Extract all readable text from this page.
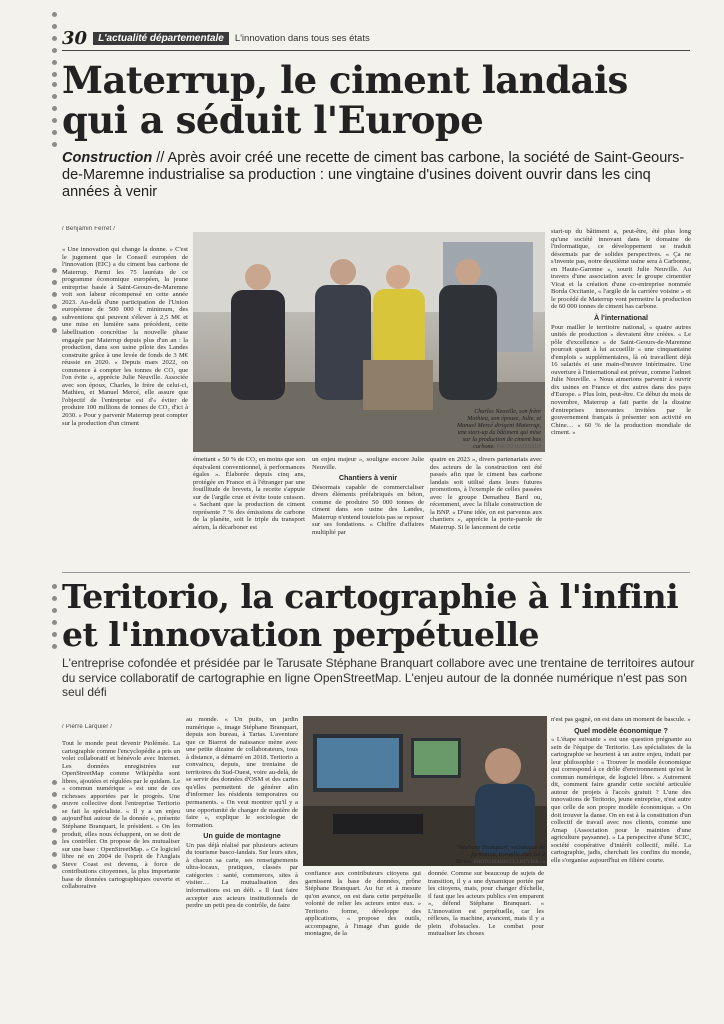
30	L'actualité départementale	L'innovation dans tous ses états
Materrup, le ciment landais qui a séduit l'Europe
Construction // Après avoir créé une recette de ciment bas carbone, la société de Saint-Geours-de-Maremne industrialise sa production : une vingtaine d'usines doivent ouvrir dans les cinq années à venir
/ Benjamin Ferret /
« Une innovation qui change la donne. » C'est le jugement que le Conseil européen de l'innovation (EIC) a du ciment bas carbone de Materrup. Parmi les 75 lauréats de ce programme économique européen, la jeune entreprise basée à Saint-Geours-de-Maremne voit son labeur récompensé en cette année 2023. Au-delà d'une participation de l'Union européenne de 500 000 € minimum, des subventions qui peuvent s'élever à 2,5 M€ et une mise en lumière sans précédent, cette labellisation concrétise la nouvelle phase engagée par Materrup depuis plus d'un an : la production, dans son usine pilote des Landes construite grâce à une levée de fonds de 3 M€ réussie en 2020. « Depuis mars 2022, on commence à compter les tonnes de CO₂ que l'on évite », apprécie Julie Neuville. Associée avec son époux, Charles, le frère de celui-ci, Mathieu, et Manuel Mercé, elle assure que l'objectif de l'entreprise est d'« éviter de produire 100 millions de tonnes de CO₂ d'ici à 2030. » Pour y parvenir Materrup peut compter sur la production d'un ciment
Charles Neuville, son frère Mathieu, son épouse, Julie, et Manuel Mercé dirigent Materrup, une start-up du bâtiment qui mise sur la production de ciment bas carbone. PHOTO MATERRUP
émettant « 50 % de CO₂ en moins que son équivalent conventionnel, à performances égales ». Élaborée depuis cinq ans, protégée en France et à l'étranger par une fouillitude de brevets, la recette s'appuie sur de l'argile crue et évite toute cuisson. « Sachant que la production de ciment représente 7 % des émissions de carbone de la planète, soit le triple du transport aérien, la décarboner est
un enjeu majeur », souligne encore Julie Neuville.
Chantiers à venir
Désormais capable de commercialiser divers éléments préfabriqués en béton, comme de produire 50 000 tonnes de ciment dans son usine des Landes, Materrup n'entend toutefois pas se reposer sur ses fondations. « Chiffre d'affaires multiplié par
quatre en 2023 », divers partenariats avec des acteurs de la construction ont été passés afin que le ciment bas carbone landais soit utilisé dans leurs futures promotions, à l'exemple de celles passées avec le groupe Dematheu Bard ou, récemment, avec la filiale construction de la BNP. « D'une idée, on est parvenus aux chantiers », apprécie la porte-parole de Materrup. Si le lancement de cette
start-up du bâtiment a, peut-être, été plus long qu'une société innovant dans le domaine de l'informatique, ce développement se traduit désormais par de solides perspectives. « Ça ne s'invente pas, notre deuxième usine sera à Carbonne, en Haute-Garonne », sourit Julie Neuville. Au travers d'une association avec le groupe cimentier Vicat et la création d'une co-entreprise nommée Borda Occitanie, « l'argile de la carrière voisine » et le procédé de Materrup vont permettre la production de 60 000 tonnes de ciment bas carbone.
À l'international
Pour mailler le territoire national, « quatre autres unités de production » devraient être créées. « Le pôle d'excellence » de Saint-Geours-de-Maremne pourrait quant à lui accueillir « une cinquantaine d'emplois » supplémentaires, là où travaillent déjà 16 salariés et une main-d'œuvre intérimaire. Une ouverture à l'international est prévue, comme l'admet Julie Neuville. « Nous aimerions parvenir à ouvrir dix usines en France et dix autres dans des pays d'Europe. » Plus loin, peut-être. Ce début du mois de novembre, Materrup a fait partie de la dizaine d'entreprises innovantes invitées par le gouvernement français à présenter son activité en Chine… « 60 % de la production mondiale de ciment. »
Teritorio, la cartographie à l'infini et l'innovation perpétuelle
L'entreprise cofondée et présidée par le Tarusate Stéphane Branquart collabore avec une trentaine de territoires autour du service collaboratif de cartographie en ligne OpenStreetMap. L'enjeu autour de la donnée numérique n'est pas son seul défi
/ Pierre Larquier /
Tout le monde peut devenir Ptolémée. La cartographie comme l'encyclopédie a pris un volet collaboratif et bénévole avec Internet. Les données enregistrées sur OpenStreetMap comme Wikipédia sont libres, ajoutées et régulées par le quidam. Le « commun numérique » est une de ces richesses apportées par le progrès. Une œuvre collective dont l'entreprise Teritorio se fait la spécialiste. « Il y a un enjeu aujourd'hui autour de la donnée », présente Stéphane Branquart, le président. « On les produit, elles nous échappent, on se doit de les contrôler. On propose de les mutualiser sur une base : OpenStreetMap. » Ce logiciel libre né en 2004 de l'esprit de l'Anglais Steve Coast est devenu, à force de contributions citoyennes, la plus importante base de données cartographiques ouverte et collaborative
au monde. « Un puits, un jardin numérique », image Stéphane Branquart, depuis son bureau, à Tartas. L'aventure que ce Biarrot de naissance mène avec une petite dizaine de collaborateurs, tous à distance, a démarré en 2018. Teritorio a convaincu, depuis, une trentaine de territoires du Sud-Ouest, voire au-delà, de se servir des données d'OSM et des cartes qu'elles permettent de générer afin d'informer les résidents temporaires ou permanents. « On veut montrer qu'il y a une opportunité de changer de manière de faire », explique le sociologue de formation.
Un guide de montagne
Un pas déjà réalisé par plusieurs acteurs du tourisme basco-landais. Sur leurs sites, à chacun sa carte, ses renseignements ultra-locaux, pratiques, classés par catégories : santé, commerces, sites à visiter… La mutualisation des informations est un défi. « Il faut faire accepter aux acteurs institutionnels de perdre un petit peu de contrôle, de faire
Stéphane Branquart, sociologue de formation, travaille chez lui à Tartas. PHOTO ISABELLE LOUVIER / «
confiance aux contributeurs citoyens qui garnissent la base de données, prône Stéphane Branquart. Au fur et à mesure qu'on avance, on est dans cette perpétuelle volonté de relier les acteurs entre eux. » Teritorio forme, développe des applications, « propose des outils, accompagne, à l'image d'un guide de montagne, de la
donnée. Comme sur beaucoup de sujets de transition, il y a une dynamique portée par les citoyens, mais, pour changer d'échelle, il faut que les acteurs publics s'en emparent », défend Stéphane Branquart. « L'innovation est perpétuelle, car les réflexes, la machine, avancent, mais il y a plein d'obstacles. Le combat pour mutualiser les choses
n'est pas gagné, on est dans un moment de bascule. »
Quel modèle économique ?
« L'étape suivante » est une question prégnante au sein de l'équipe de Teritorio. Les spécialistes de la cartographie se heurtent à un autre enjeu, induit par leur philosophie : « Trouver le modèle économique qui correspond à ce drôle d'environnement qu'est le commun numérique, de logiciel libre. » Autrement dit, comment faire grandir cette société articulée autour de projets à l'accès gratuit ? L'une des innovations de Teritorio, jeune entreprise, n'est autre que celle de son propre modèle économique. « On doit trouver la danse. On en est à la constitution d'un collectif de travail avec nos clients, comme une Amap (Association pour le maintien d'une agriculture paysanne). » La perspective d'une SCIC, société coopérative d'intérêt collectif, mêlé. La cartographie, jadis, cherchait les confins du monde, elle s'organise aujourd'hui en filière courte.
